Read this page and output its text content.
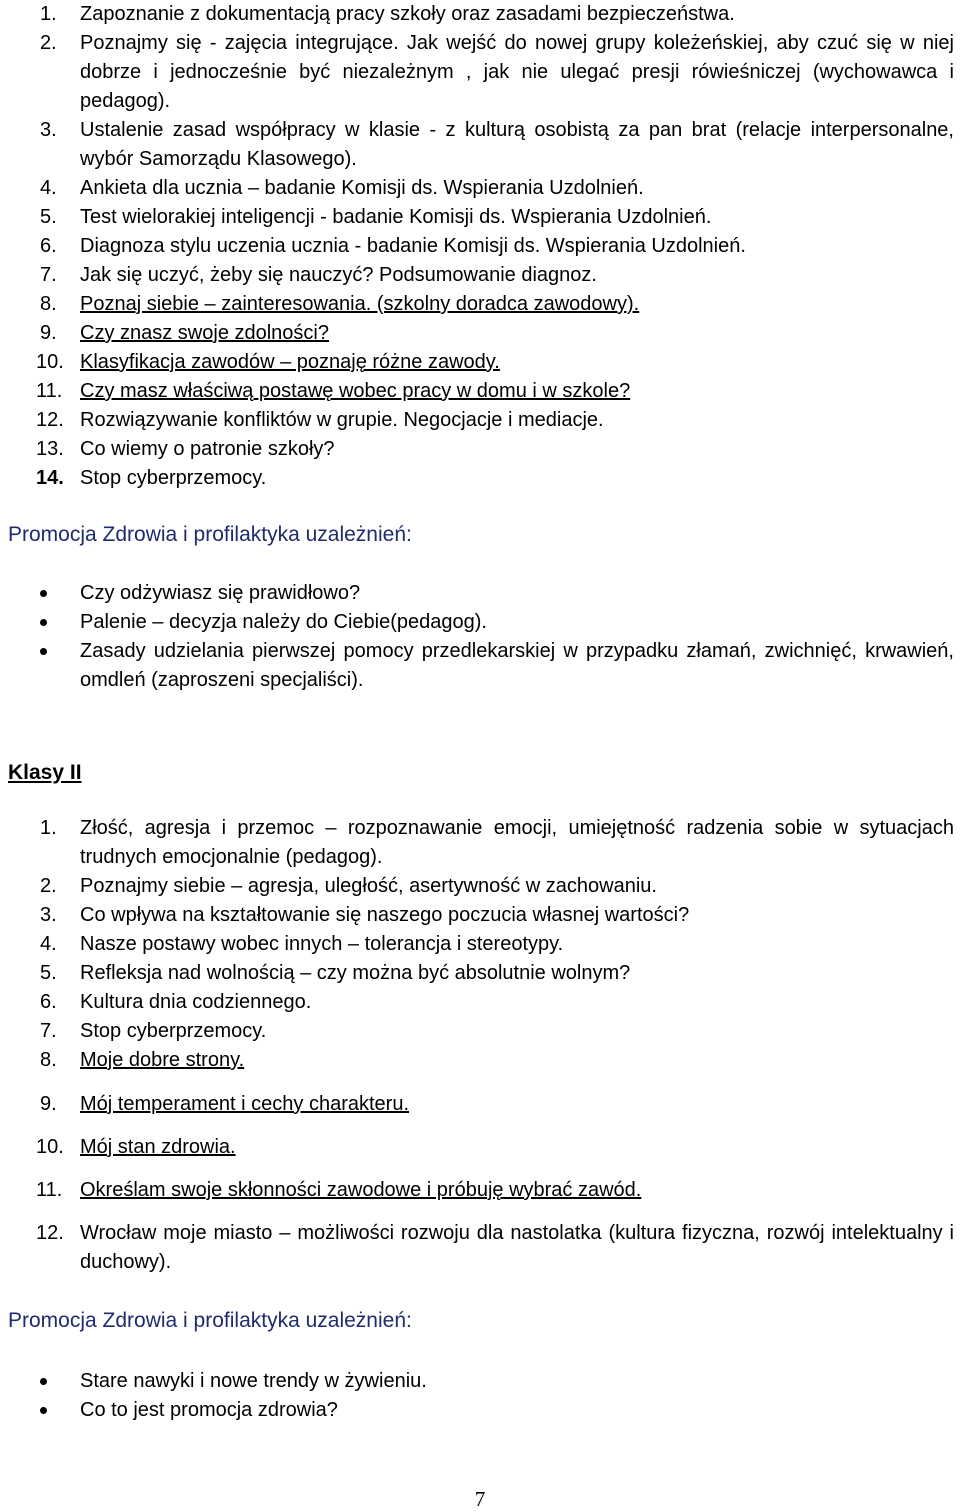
1. Zapoznanie z dokumentacją pracy szkoły oraz zasadami bezpieczeństwa.
2. Poznajmy się - zajęcia integrujące. Jak wejść do nowej grupy koleżeńskiej, aby czuć się w niej dobrze i jednocześnie być niezależnym , jak nie ulegać presji rówieśniczej (wychowawca i pedagog).
3. Ustalenie zasad współpracy w klasie - z kulturą osobistą za pan brat (relacje interpersonalne, wybór Samorządu Klasowego).
4. Ankieta dla ucznia – badanie Komisji ds. Wspierania Uzdolnień.
5. Test wielorakiej inteligencji - badanie Komisji ds. Wspierania Uzdolnień.
6. Diagnoza stylu uczenia ucznia - badanie Komisji ds. Wspierania Uzdolnień.
7. Jak się uczyć, żeby się nauczyć? Podsumowanie diagnoz.
8. Poznaj siebie – zainteresowania. (szkolny doradca zawodowy).
9. Czy znasz swoje zdolności?
10. Klasyfikacja zawodów – poznaję różne zawody.
11. Czy masz właściwą postawę wobec pracy w domu i w szkole?
12. Rozwiązywanie konfliktów w grupie. Negocjacje i mediacje.
13. Co wiemy o patronie szkoły?
14. Stop cyberprzemocy.
Promocja Zdrowia i profilaktyka uzależnień:
Czy odżywiasz się prawidłowo?
Palenie – decyzja należy do Ciebie(pedagog).
Zasady udzielania pierwszej pomocy przedlekarskiej w przypadku złamań, zwichnięć, krwawień, omdleń (zaproszeni specjaliści).
Klasy II
1. Złość, agresja i przemoc – rozpoznawanie emocji, umiejętność radzenia sobie w sytuacjach trudnych emocjonalnie (pedagog).
2. Poznajmy siebie – agresja, uległość, asertywność w zachowaniu.
3. Co wpływa na kształtowanie się naszego poczucia własnej wartości?
4. Nasze postawy wobec innych – tolerancja i stereotypy.
5. Refleksja nad wolnością – czy można być absolutnie wolnym?
6. Kultura dnia codziennego.
7. Stop cyberprzemocy.
8. Moje dobre strony.
9. Mój temperament i cechy charakteru.
10. Mój stan zdrowia.
11. Określam swoje skłonności zawodowe i próbuję wybrać zawód.
12. Wrocław moje miasto – możliwości rozwoju dla nastolatka (kultura fizyczna, rozwój intelektualny i duchowy).
Promocja Zdrowia i profilaktyka uzależnień:
Stare nawyki i nowe trendy w żywieniu.
Co to jest promocja zdrowia?
7
